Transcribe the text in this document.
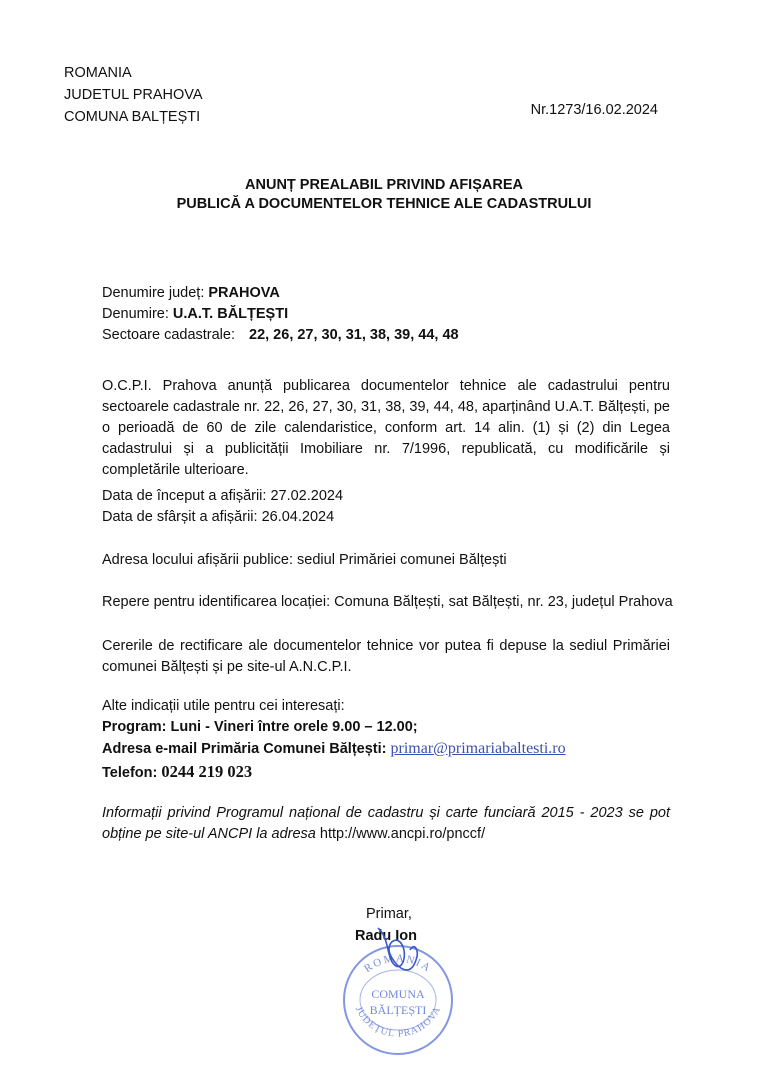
ROMANIA
JUDETUL PRAHOVA
COMUNA BALȚEȘTI	Nr.1273/16.02.2024
ANUNȚ PREALABIL PRIVIND AFIȘAREA
PUBLICĂ A DOCUMENTELOR TEHNICE ALE CADASTRULUI
Denumire județ: PRAHOVA
Denumire: U.A.T. BĂLȚEȘTI
Sectoare cadastrale: 22, 26, 27, 30, 31, 38, 39, 44, 48
O.C.P.I. Prahova anunță publicarea documentelor tehnice ale cadastrului pentru sectoarele cadastrale nr. 22, 26, 27, 30, 31, 38, 39, 44, 48, aparținând U.A.T. Bălțești, pe o perioadă de 60 de zile calendaristice, conform art. 14 alin. (1) și (2) din Legea cadastrului și a publicității Imobiliare nr. 7/1996, republicată, cu modificările și completările ulterioare.
Data de început a afișării: 27.02.2024
Data de sfârșit a afișării: 26.04.2024
Adresa locului afișării publice: sediul Primăriei comunei Bălțești
Repere pentru identificarea locației: Comuna Bălțești, sat Bălțești, nr. 23, județul Prahova
Cererile de rectificare ale documentelor tehnice vor putea fi depuse la sediul Primăriei comunei Bălțești și pe site-ul A.N.C.P.I.
Alte indicații utile pentru cei interesați:
Program: Luni - Vineri între orele 9.00 – 12.00;
Adresa e-mail Primăria Comunei Bălțești: primar@primariabaltesti.ro
Telefon: 0244 219 023
Informații privind Programul național de cadastru și carte funciară 2015 - 2023 se pot obține pe site-ul ANCPI la adresa http://www.ancpi.ro/pnccf/
Primar,
Radu Ion
ROMANIA
COMUNA
BĂLȚEȘTI
JUDEȚUL PRAHOVA
